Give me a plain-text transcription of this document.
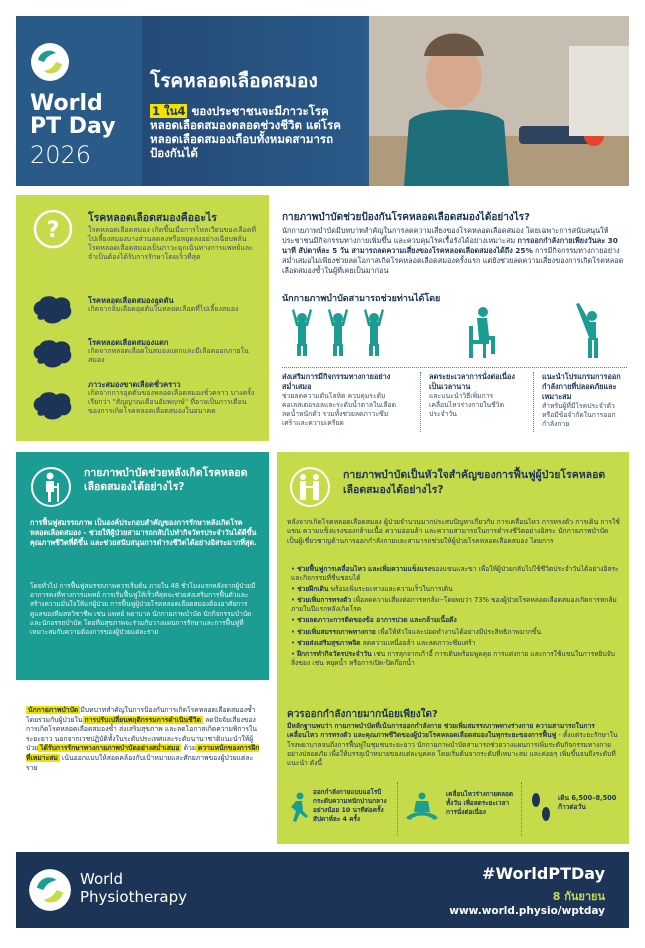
World
PT Day
2026
โรคหลอดเลือดสมอง
1 ใน4 ของประชาชนจะมีภาวะโรคหลอดเลือดสมองตลอดช่วงชีวิต แต่โรคหลอดเลือดสมองเกือบทั้งหมดสามารถป้องกันได้
?	โรคหลอดเลือดสมองคืออะไร
โรคหลอดเลือดสมอง เกิดขึ้นเมื่อการไหลเวียนของเลือดที่ไปเลี้ยงสมองบางส่วนลดลงหรือหยุดลงอย่างเฉียบพลัน โรคหลอดเลือดสมองเป็นภาวะฉุกเฉินทางการแพทย์และจำเป็นต้องได้รับการรักษาโดยเร็วที่สุด
โรคหลอดเลือดสมองอุดตัน
เกิดจากลิ่มเลือดอุดตันในหลอดเลือดที่ไปเลี้ยงสมอง
โรคหลอดเลือดสมองแตก
เกิดจากหลอดเลือดในสมองแตกและมีเลือดออกภายในสมอง
ภาวะสมองขาดเลือดชั่วคราว
เกิดจากการอุดตันของหลอดเลือดสมองชั่วคราว บางครั้งเรียกว่า "สัญญาณเตือนอัมพฤกษ์" ที่อาจเป็นการเตือนของการเกิดโรคหลอดเลือดสมองในอนาคต
กายภาพบำบัดช่วยป้องกันโรคหลอดเลือดสมองได้อย่างไร?
นักกายภาพบำบัดมีบทบาทสำคัญในการลดความเสี่ยงของโรคหลอดเลือดสมอง โดยเฉพาะการสนับสนุนให้ประชาชนมีกิจกรรมทางกายเพิ่มขึ้น และควบคุมโรคเรื้อรังได้อย่างเหมาะสม การออกกำลังกายเพียงวันละ 30 นาที สัปดาห์ละ 5 วัน สามารถลดความเสี่ยงของโรคหลอดเลือดสมองได้ถึง 25% การมีกิจกรรมทางกายอย่างสม่ำเสมอไม่เพียงช่วยลดโอกาสเกิดโรคหลอดเลือดสมองครั้งแรก แต่ยังช่วยลดความเสี่ยงของการเกิดโรคหลอดเลือดสมองซ้ำในผู้ที่เคยเป็นมาก่อน
นักกายภาพบำบัดสามารถช่วยท่านได้โดย
ส่งเสริมการมีกิจกรรมทางกายอย่างสม่ำเสมอ
ช่วยลดความดันโลหิต ควบคุมระดับคอเลสเตอรอลและระดับน้ำตาลในเลือด ลดน้ำหนักตัว รวมทั้งช่วยลดภาวะซึมเศร้าและความเครียด
ลดระยะเวลาการนั่งต่อเนื่องเป็นเวลานาน
และแนะนำวิธีเพิ่มการเคลื่อนไหวร่างกายในชีวิตประจำวัน
แนะนำโปรแกรมการออกกำลังกายที่ปลอดภัยและเหมาะสม
สำหรับผู้ที่มีโรคประจำตัวหรือมีข้อจำกัดในการออกกำลังกาย
กายภาพบำบัดช่วยหลังเกิดโรคหลอดเลือดสมองได้อย่างไร?
การฟื้นฟูสมรรถภาพ เป็นองค์ประกอบสำคัญของการรักษาหลังเกิดโรคหลอดเลือดสมอง - ช่วยให้ผู้ป่วยสามารถกลับไปทำกิจวัตรประจำวันได้ดีขึ้น คุณภาพชีวิตที่ดีขึ้น และช่วยสนับสนุนการดำรงชีวิตได้อย่างอิสระมากที่สุด.
โดยทั่วไป การฟื้นฟูสมรรถภาพควรเริ่มต้น ภายใน 48 ชั่วโมงแรกหลังจากผู้ป่วยมีอาการคงที่ทางการแพทย์ การเริ่มฟื้นฟูให้เร็วที่สุดจะช่วยส่งเสริมการฟื้นตัวและสร้างความมั่นใจให้แก่ผู้ป่วย การฟื้นฟูผู้ป่วยโรคหลอดเลือดสมองต้องอาศัยการดูแลของทีมสหวิชาชีพ เช่น แพทย์ พยาบาล นักกายภาพบำบัด นักกิจกรรมบำบัด และนักอรรถบำบัด โดยทีมสุขภาพจะร่วมกับวางแผนการรักษาและการฟื้นฟูที่เหมาะสมกับความต้องการของผู้ป่วยแต่ละราย
นักกายภาพบำบัด มีบทบาทสำคัญในการป้องกันการเกิดโรคหลอดเลือดสมองซ้ำ โดยร่วมกับผู้ป่วยใน การปรับเปลี่ยนพฤติกรรมการดำเนินชีวิต ลดปัจจัยเสี่ยงของการเกิดโรคหลอดเลือดสมองซ้ำ ส่งเสริมสุขภาพ และลดโอกาสเกิดความพิการในระยะยาว นอกจากเวชปฏิบัติทั้งในระดับประเทศและระดับนานาชาติแนะนำให้ผู้ป่วย ได้รับการรักษาทางกายภาพบำบัดอย่างสม่ำเสมอ ด้วย ความหนักของการฝึกที่เหมาะสม เน้นออกแบบให้สอดคล้องกับเป้าหมายและศักยภาพของผู้ป่วยแต่ละราย
กายภาพบำบัดเป็นหัวใจสำคัญของการฟื้นฟูผู้ป่วยโรคหลอดเลือดสมองได้อย่างไร?
หลังจากเกิดโรคหลอดเลือดสมอง ผู้ป่วยจำนวนมากประสบปัญหาเกี่ยวกับ การเคลื่อนไหว การทรงตัว การเดิน การใช้แขน ความแข็งแรงของกล้ามเนื้อ ความอ่อนล้า และความสามารถในการดำรงชีวิตอย่างอิสระ นักกายภาพบำบัด เป็นผู้เชี่ยวชาญด้านการออกกำลังกายและสามารถช่วยให้ผู้ป่วยโรคหลอดเลือดสมอง โดยการ
• ช่วยฟื้นฟูการเคลื่อนไหว และเพิ่มความแข็งแรงของแขนและขา เพื่อให้ผู้ป่วยกลับไปใช้ชีวิตประจำวันได้อย่างอิสระและกิจกรรมที่ชื่นชอบได้
• ช่วยฝึกเดิน พร้อมเพิ่มระยะทางและความเร็วในการเดิน
• ช่วยเพิ่มการทรงตัว เพื่อลดความเสี่ยงต่อการหกล้ม--โดยพบว่า 73% ของผู้ป่วยโรคหลอดเลือดสมองเกิดการหกล้มภายในปีแรกหลังเกิดโรค
• ช่วยลดภาวะการติดของข้อ อาการปวด และกล้ามเนื้อตึง
• ช่วยเพิ่มสมรรถภาพทางกาย เพื่อให้หัวใจและปอดทำงานได้อย่างมีประสิทธิภาพมากขึ้น
• ช่วยส่งเสริมสุขภาพจิต ลดความเหนื่อยล้า และลดภาวะซึมเศร้า
• ฝึกการทำกิจวัตรประจำวัน เช่น การลุกจากเก้าอี้ การเดินพร้อมพูดคุย การแต่งกาย และการใช้แขนในการหยิบจับสิ่งของ เช่น หยุดน้ำ หรือการเปิด-ปิดก๊อกน้ำ
ควรออกกำลังกายมากน้อยเพียงใด?
มีหลักฐานพบว่า กายภาพบำบัดที่เน้นการออกกำลังกาย ช่วยเพิ่มสมรรถภาพทางร่างกาย ความสามารถในการเคลื่อนไหว การทรงตัว และคุณภาพชีวิตของผู้ป่วยโรคหลอดเลือดสมองในทุกระยะของการฟื้นฟู - ตั้งแต่ระยะรักษาในโรงพยาบาลจนถึงการฟื้นฟูในชุมชนระยะยาว นักกายภาพบำบัดสามารถช่วยวางแผนการเพิ่มระดับกิจกรรมทางกายอย่างปลอดภัย เพื่อให้บรรลุเป้าหมายของแต่ละบุคคล โดยเริ่มต้นจากระดับที่เหมาะสม และค่อยๆ เพิ่มขึ้นจนถึงระดับที่แนะนำ ดังนี้
ออกกำลังกายแบบแอโรบิกระดับความหนักปานกลาง อย่างน้อย 10 นาทีต่อครั้ง สัปดาห์ละ 4 ครั้ง
เคลื่อนไหวร่างกายตลอดทั้งวัน เพื่อลดระยะเวลาการนั่งต่อเนื่อง
เดิน 6,500–8,500 ก้าวต่อวัน
World
Physiotherapy
#WorldPTDay
8 กันยายน
www.world.physio/wptday
